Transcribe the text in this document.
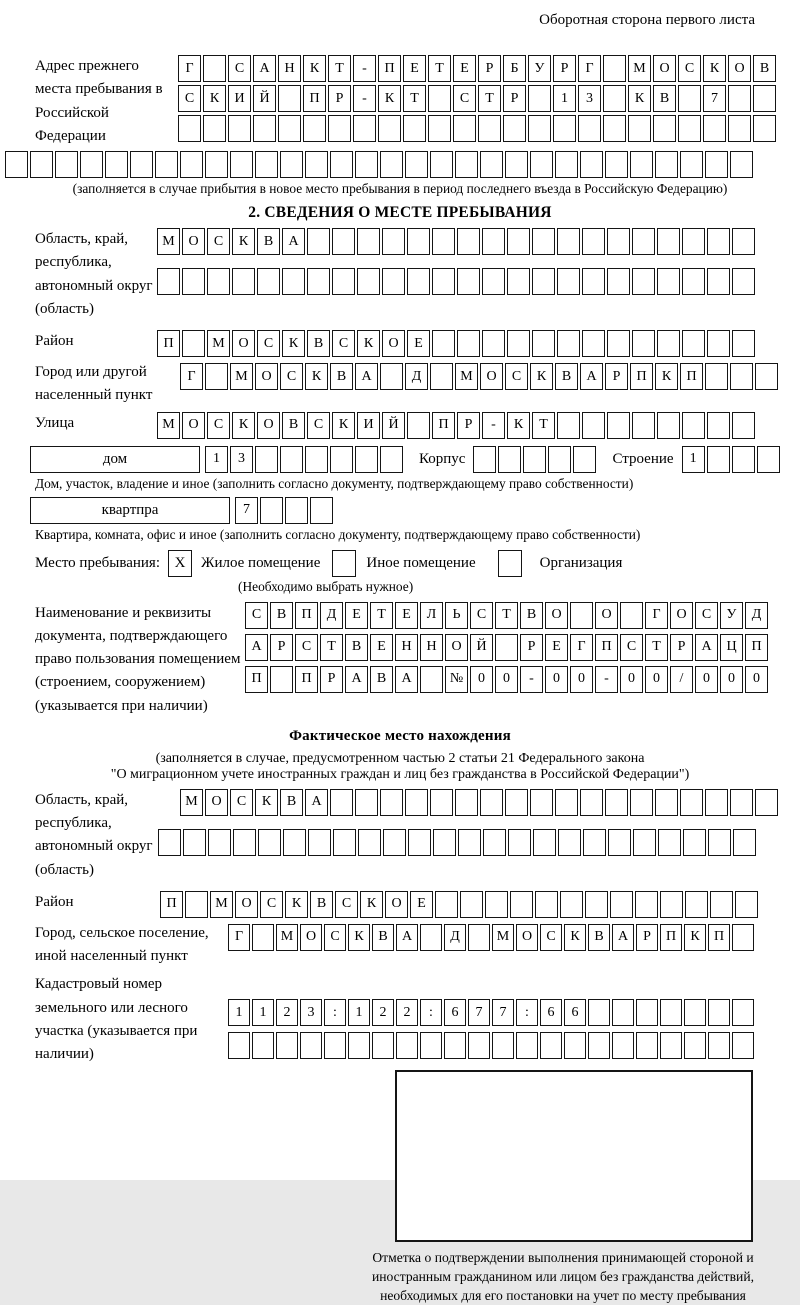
Оборотная сторона первого листа
Адрес прежнего места пребывания в Российской Федерации
Г	С	А	Н	К	Т	-	П	Е	Т	Е	Р	Б	У	Р	Г	М О	С	К	О	В
С	К	И	Й	П	Р	-	К	Т	С	Т	Р	1	3	К	В	7
(заполняется в случае прибытия в новое место пребывания в период последнего въезда в Российскую Федерацию)
2. СВЕДЕНИЯ О МЕСТЕ ПРЕБЫВАНИЯ
Область, край, республика, автономный округ (область)
М О	С	К	В	А
Район	П	М О	С	К	В	С	К	О	Е
Город или другой населенный пункт
Г	М О	С	К	В	А	Д	М О	С	К	В	А	Р	П	К	П
Улица	М О	С	К	О	В	С	К	И	Й	П	Р	-	К	Т
дом	1	3	Корпус	Строение	1
Дом, участок, владение и иное (заполнить согласно документу, подтверждающему право собственности)
квартпра	7
Квартира, комната, офис и иное (заполнить согласно документу, подтверждающему право собственности)
Место пребывания: X	Жилое помещение	Иное помещение	Организация
(Необходимо выбрать нужное)
Наименование и реквизиты документа, подтверждающего право пользования помещением (строением, сооружением) (указывается при наличии)
С	В	П	Д	Е	Т	Е	Л	Ь	С	Т	В	О	О	Г	О	С	У	Д
А	Р	С	Т	В	Е	Н	Н	О	Й	Р	Е	Г	П	С	Т	Р	А	Ц	П
П	П	Р	А	В	А	№	0	0	-	0	0	-	0	0	/	0	0	0
Фактическое место нахождения
(заполняется в случае, предусмотренном частью 2 статьи 21 Федерального закона
"О миграционном учете иностранных граждан и лиц без гражданства в Российской Федерации")
Область, край, республика, автономный округ (область)
М О	С	К	В	А
Район	П	М О	С	К	В	С	К	О	Е
Город, сельское поселение, иной населенный пункт
Г	М О	С	К	В	А	Д	М О	С	К	В	А	Р	П	К	П
Кадастровый номер земельного или лесного участка (указывается при наличии)
1	1	2	3	:	1	2	2	:	6	7	7	:	6	6
Отметка о подтверждении выполнения принимающей стороной и иностранным гражданином или лицом без гражданства действий, необходимых для его постановки на учет по месту пребывания
